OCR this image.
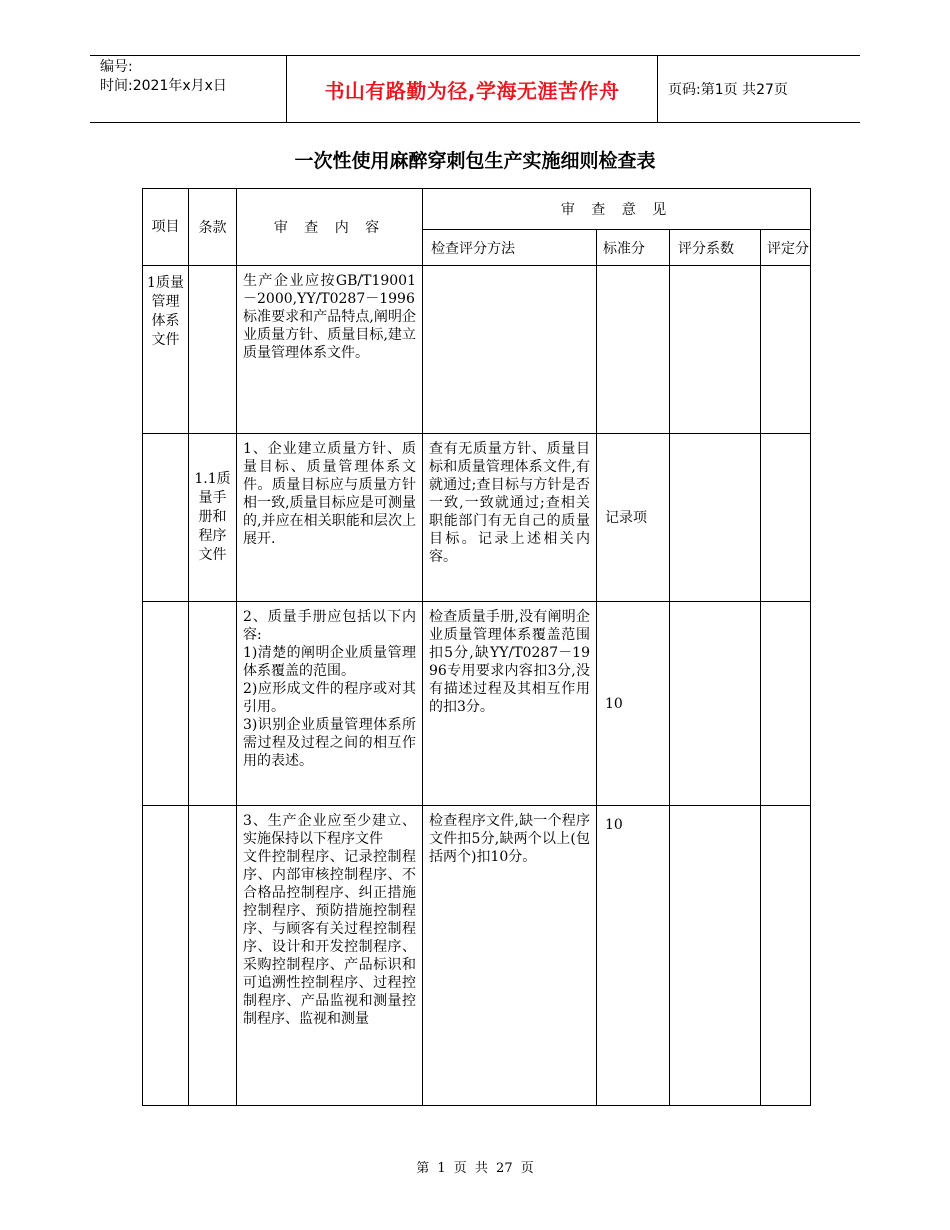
编号:
时间:2021年x月x日	书山有路勤为径,学海无涯苦作舟	页码:第1页 共27页
一次性使用麻醉穿刺包生产实施细则检查表
项目	条款	审 查 内 容	审 查 意 见			

			检查评分方法	标准分	评分系数	评定分

1质量管理体系文件		生产企业应按GB/T19001－2000,YY/T0287－1996标准要求和产品特点,阐明企业质量方针、质量目标,建立质量管理体系文件。				

	1.1质量手册和程序文件	1、企业建立质量方针、质量目标、质量管理体系文件。质量目标应与质量方针相一致,质量目标应是可测量的,并应在相关职能和层次上展开.	查有无质量方针、质量目标和质量管理体系文件,有就通过;查目标与方针是否一致,一致就通过;查相关职能部门有无自己的质量目标。记录上述相关内容。	记录项		

		2、质量手册应包括以下内容:
1)清楚的阐明企业质量管理体系覆盖的范围。
2)应形成文件的程序或对其引用。
3)识别企业质量管理体系所需过程及过程之间的相互作用的表述。	检查质量手册,没有阐明企业质量管理体系覆盖范围扣5分,缺YY/T0287－1996专用要求内容扣3分,没有描述过程及其相互作用的扣3分。	10		

		3、生产企业应至少建立、实施保持以下程序文件
文件控制程序、记录控制程序、内部审核控制程序、不合格品控制程序、纠正措施控制程序、预防措施控制程序、与顾客有关过程控制程序、设计和开发控制程序、采购控制程序、产品标识和可追溯性控制程序、过程控制程序、产品监视和测量控制程序、监视和测量	检查程序文件,缺一个程序文件扣5分,缺两个以上(包括两个)扣10分。	10		

第 1 页 共 27 页
